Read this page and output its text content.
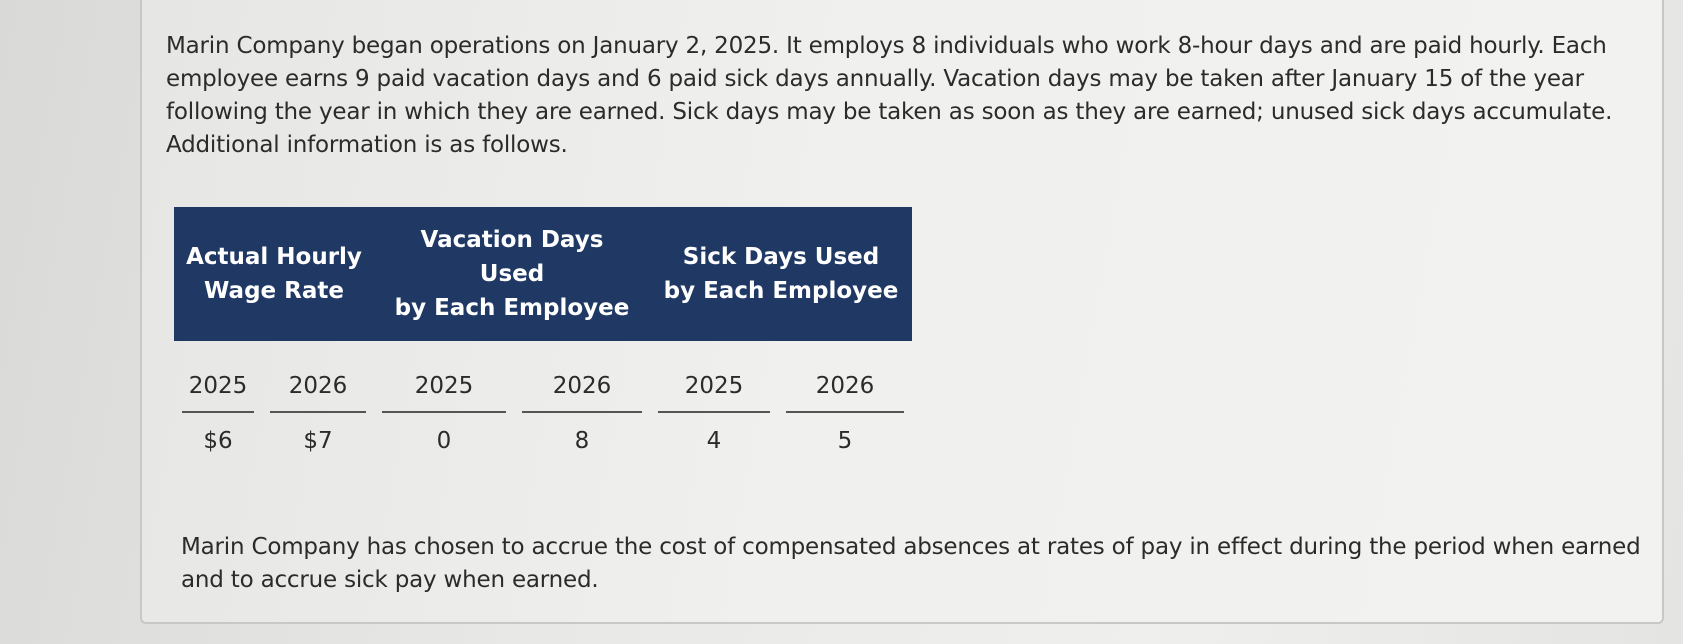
Marin Company began operations on January 2, 2025. It employs 8 individuals who work 8-hour days and are paid hourly. Each employee earns 9 paid vacation days and 6 paid sick days annually. Vacation days may be taken after January 15 of the year following the year in which they are earned. Sick days may be taken as soon as they are earned; unused sick days accumulate. Additional information is as follows.

Actual Hourly
Wage Rate
Vacation Days
Used
by Each Employee
Sick Days Used
by Each Employee
2025	2026	2025	2026	2025	2026
$6	$7	0	8	4	5

Marin Company has chosen to accrue the cost of compensated absences at rates of pay in effect during the period when earned and to accrue sick pay when earned.
